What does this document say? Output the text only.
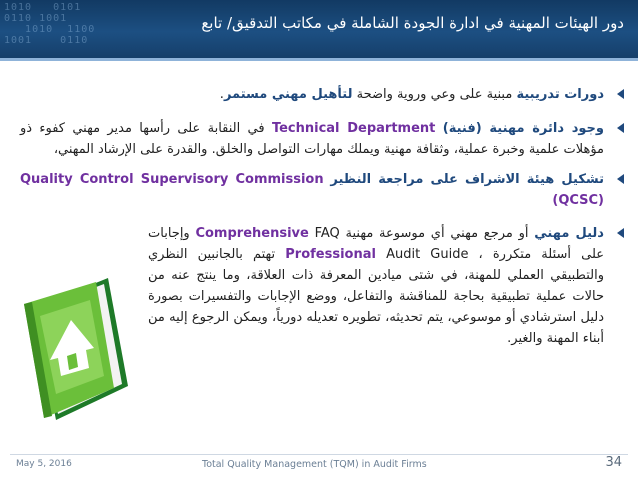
1010   0101
0110 1001
1010  1100
1001    0110
دور الهيئات المهنية في ادارة الجودة الشاملة في مكاتب التدقيق/ تابع
دورات تدريبية مبنية على وعي وروية واضحة لتأهيل مهني مستمر.
وجود دائرة مهنية (فنية) Technical Department في النقابة على رأسها مدير مهني كفوء ذو مؤهلات علمية وخبرة عملية، وثقافة مهنية ويملك مهارات التواصل والخلق. والقدرة على الإرشاد المهني،
تشكيل هيئة الاشراف على مراجعة النظير Quality Control Supervisory Commission (QCSC)
دليل مهني أو مرجع مهني أي موسوعة مهنية Comprehensive FAQ وإجابات على أسئلة متكررة ، Professional Audit Guide تهتم بالجانبين النظري والتطبيقي العملي للمهنة، في شتى ميادين المعرفة ذات العلاقة، وما ينتج عنه من حالات عملية تطبيقية بحاجة للمناقشة والتفاعل، ووضع الإجابات والتفسيرات بصورة دليل استرشادي أو موسوعي، يتم تحديثه، تطويره تعديله دورياً، ويمكن الرجوع إليه من أبناء المهنة والغير.
May 5, 2016	Total Quality Management (TQM) in Audit Firms	34
